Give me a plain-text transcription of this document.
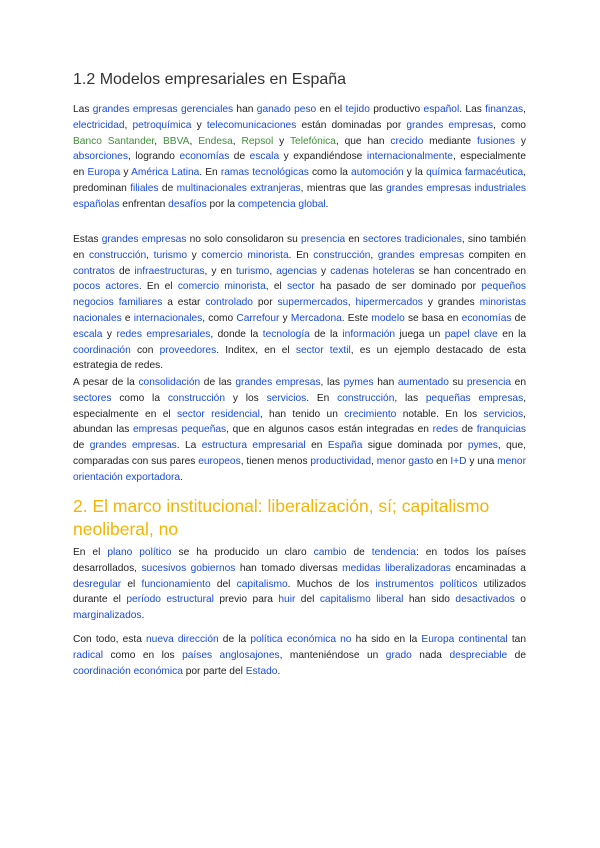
1.2 Modelos empresariales en España

Las grandes empresas gerenciales han ganado peso en el tejido productivo español. Las finanzas, electricidad, petroquímica y telecomunicaciones están dominadas por grandes empresas, como Banco Santander, BBVA, Endesa, Repsol y Telefónica, que han crecido mediante fusiones y absorciones, logrando economías de escala y expandiéndose internacionalmente, especialmente en Europa y América Latina. En ramas tecnológicas como la automoción y la química farmacéutica, predominan filiales de multinacionales extranjeras, mientras que las grandes empresas industriales españolas enfrentan desafíos por la competencia global.

Estas grandes empresas no solo consolidaron su presencia en sectores tradicionales, sino también en construcción, turismo y comercio minorista. En construcción, grandes empresas compiten en contratos de infraestructuras, y en turismo, agencias y cadenas hoteleras se han concentrado en pocos actores. En el comercio minorista, el sector ha pasado de ser dominado por pequeños negocios familiares a estar controlado por supermercados, hipermercados y grandes minoristas nacionales e internacionales, como Carrefour y Mercadona. Este modelo se basa en economías de escala y redes empresariales, donde la tecnología de la información juega un papel clave en la coordinación con proveedores. Inditex, en el sector textil, es un ejemplo destacado de esta estrategia de redes.

A pesar de la consolidación de las grandes empresas, las pymes han aumentado su presencia en sectores como la construcción y los servicios. En construcción, las pequeñas empresas, especialmente en el sector residencial, han tenido un crecimiento notable. En los servicios, abundan las empresas pequeñas, que en algunos casos están integradas en redes de franquicias de grandes empresas. La estructura empresarial en España sigue dominada por pymes, que, comparadas con sus pares europeos, tienen menos productividad, menor gasto en I+D y una menor orientación exportadora.

2. El marco institucional: liberalización, sí; capitalismo neoliberal, no

En el plano político se ha producido un claro cambio de tendencia: en todos los países desarrollados, sucesivos gobiernos han tomado diversas medidas liberalizadoras encaminadas a desregular el funcionamiento del capitalismo. Muchos de los instrumentos políticos utilizados durante el período estructural previo para huir del capitalismo liberal han sido desactivados o marginalizados.

Con todo, esta nueva dirección de la política económica no ha sido en la Europa continental tan radical como en los países anglosajones, manteniéndose un grado nada despreciable de coordinación económica por parte del Estado.
